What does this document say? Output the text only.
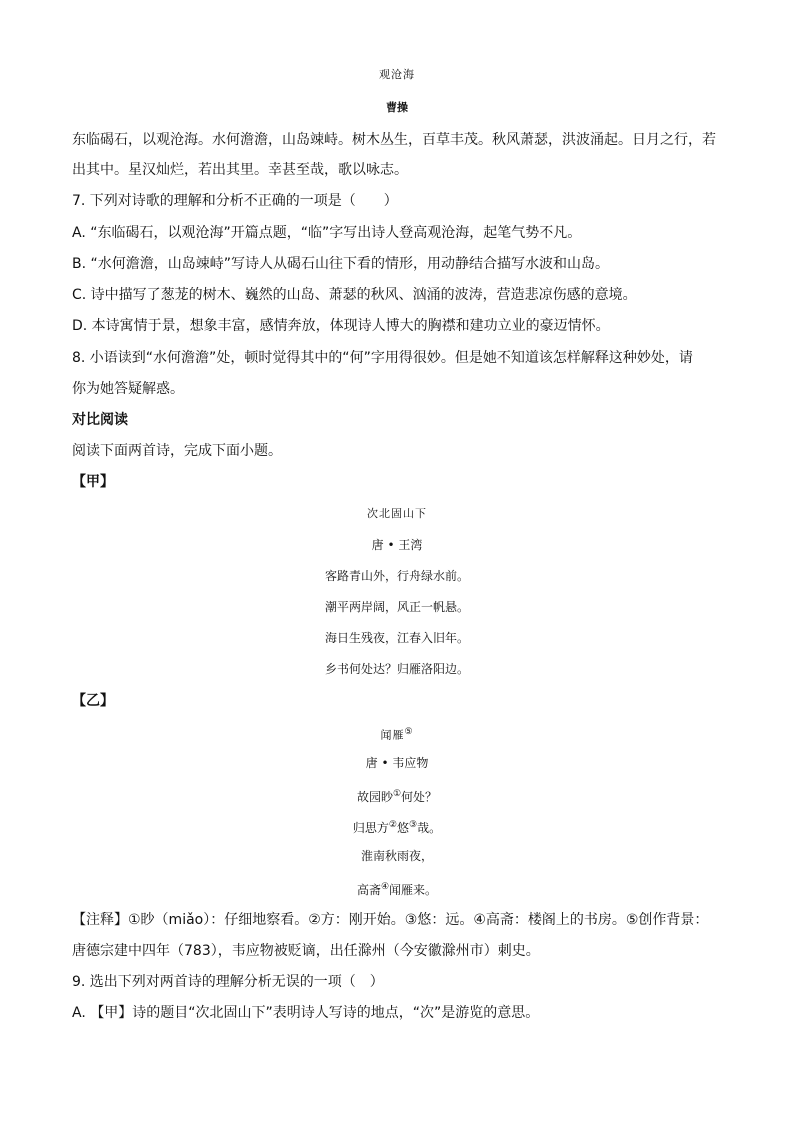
观沧海
曹操
东临碣石，以观沧海。水何澹澹，山岛竦峙。树木丛生，百草丰茂。秋风萧瑟，洪波涌起。日月之行，若
出其中。星汉灿烂，若出其里。幸甚至哉，歌以咏志。
7. 下列对诗歌的理解和分析不正确的一项是（　　）
A. “东临碣石，以观沧海”开篇点题，“临”字写出诗人登高观沧海，起笔气势不凡。
B. “水何澹澹，山岛竦峙”写诗人从碣石山往下看的情形，用动静结合描写水波和山岛。
C. 诗中描写了葱茏的树木、巍然的山岛、萧瑟的秋风、汹涌的波涛，营造悲凉伤感的意境。
D. 本诗寓情于景，想象丰富，感情奔放，体现诗人博大的胸襟和建功立业的豪迈情怀。
8. 小语读到“水何澹澹”处，顿时觉得其中的“何”字用得很妙。但是她不知道该怎样解释这种妙处，请
你为她答疑解惑。
对比阅读
阅读下面两首诗，完成下面小题。
【甲】
次北固山下
唐 • 王湾
客路青山外，行舟绿水前。
潮平两岸阔，风正一帆悬。
海日生残夜，江春入旧年。
乡书何处达？归雁洛阳边。
【乙】
闻雁⑤
唐 • 韦应物
故园眇①何处？
归思方②悠③哉。
淮南秋雨夜，
高斋④闻雁来。
【注释】①眇（miǎo）：仔细地察看。②方：刚开始。③悠：远。④高斋：楼阁上的书房。⑤创作背景：
唐德宗建中四年（783），韦应物被贬谪，出任滁州（今安徽滁州市）刺史。
9. 选出下列对两首诗的理解分析无误的一项（　）
A. 【甲】诗的题目“次北固山下”表明诗人写诗的地点，“次”是游览的意思。
